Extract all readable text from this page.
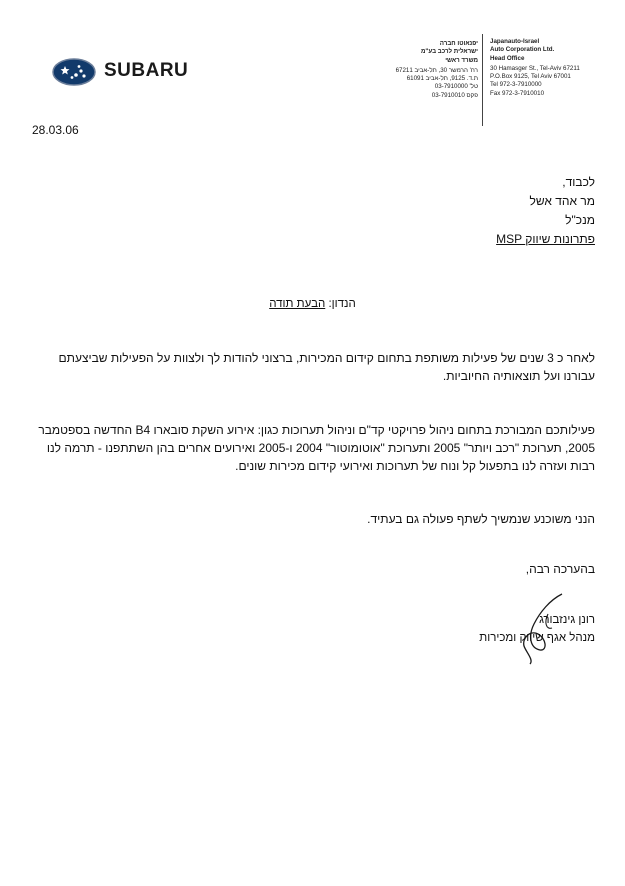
SUBARU
יפנאוטו חברה
ישראלית לרכב בע"מ
משרד ראשי
רח' הרמשר 30, תל-אביב 67211
ת.ד. 9125, תל-אביב 61091
טל' 03-7910000
פקס 03-7910010
Japanauto-Israel
Auto Corporation Ltd.
Head Office
30 Hamasger St., Tel-Aviv 67211
P.O.Box 9125, Tel Aviv 67001
Tel 972-3-7910000
Fax 972-3-7910010
28.03.06
לכבוד,
מר אהד אשל
מנכ"ל
MSP פתרונות שיווק
הנדון: הבעת תודה
לאחר כ 3 שנים של פעילות משותפת בתחום קידום המכירות, ברצוני להודות לך ולצוות על הפעילות שביצעתם עבורנו ועל תוצאותיה החיוביות.
פעילותכם המבורכת בתחום ניהול פרויקטי קד"ם וניהול תערוכות כגון: אירוע השקת סובארו B4 החדשה בספטמבר 2005, תערוכת "רכב ויותר" 2005 ותערוכת "אוטומוטור" 2004 ו-2005 ואירועים אחרים בהן השתתפנו - תרמה לנו רבות ועזרה לנו בתפעול קל ונוח של תערוכות ואירועי קידום מכירות שונים.
הנני משוכנע שנמשיך לשתף פעולה גם בעתיד.
בהערכה רבה,
רונן גינזבורג
מנהל אגף שיווק ומכירות
